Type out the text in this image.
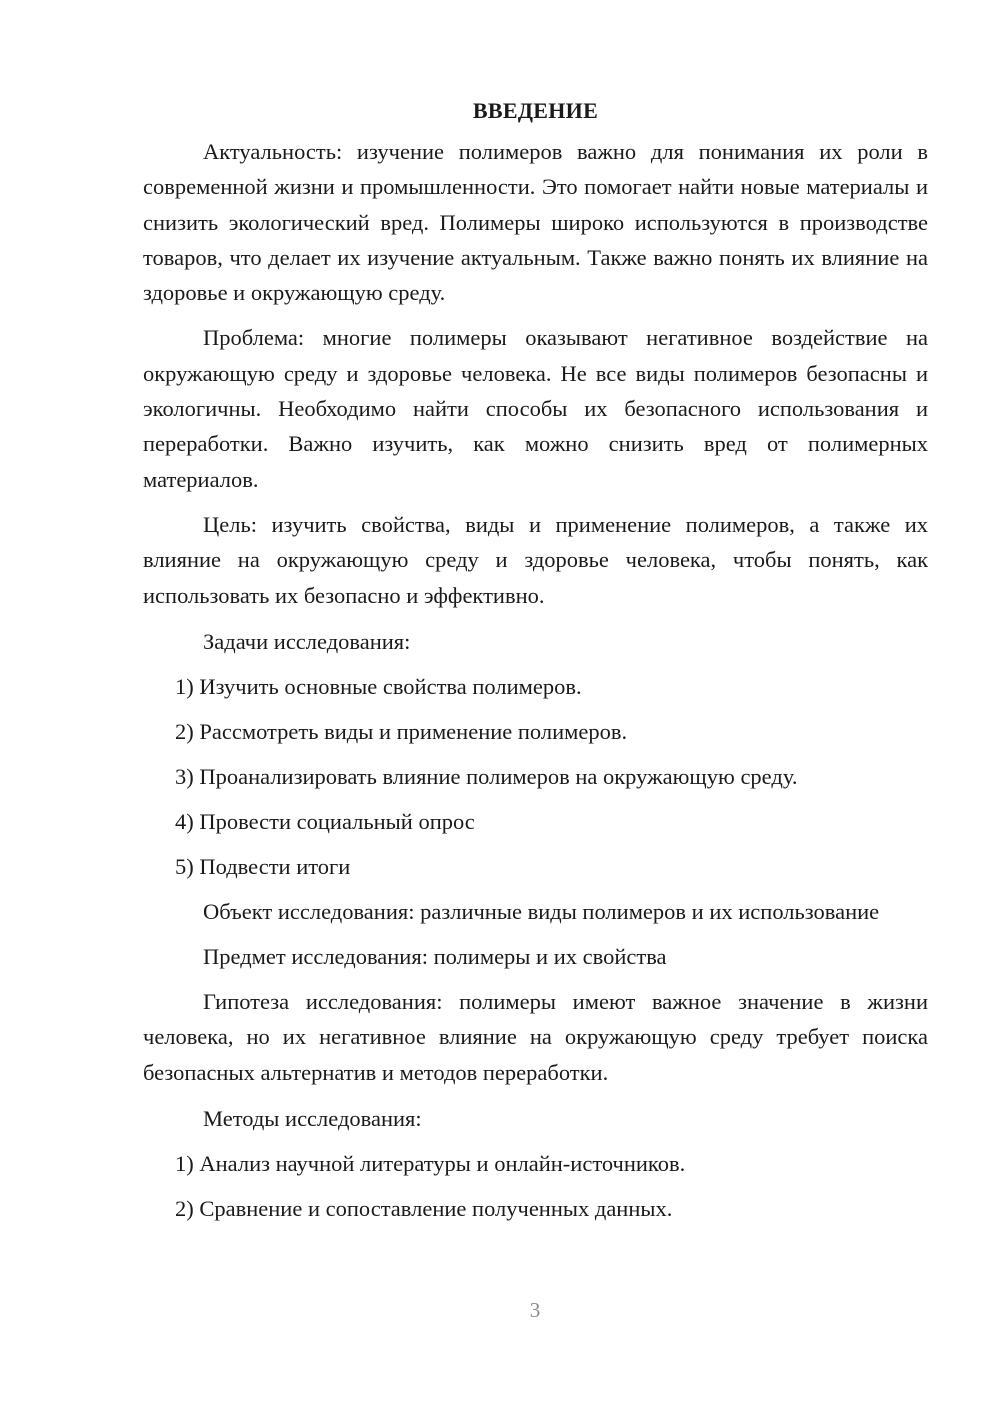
ВВЕДЕНИЕ

Актуальность: изучение полимеров важно для понимания их роли в современной жизни и промышленности. Это помогает найти новые материалы и снизить экологический вред. Полимеры широко используются в производстве товаров, что делает их изучение актуальным. Также важно понять их влияние на здоровье и окружающую среду.

Проблема: многие полимеры оказывают негативное воздействие на окружающую среду и здоровье человека. Не все виды полимеров безопасны и экологичны. Необходимо найти способы их безопасного использования и переработки. Важно изучить, как можно снизить вред от полимерных материалов.

Цель: изучить свойства, виды и применение полимеров, а также их влияние на окружающую среду и здоровье человека, чтобы понять, как использовать их безопасно и эффективно.

Задачи исследования:

1) Изучить основные свойства полимеров.

2) Рассмотреть виды и применение полимеров.

3) Проанализировать влияние полимеров на окружающую среду.

4) Провести социальный опрос

5) Подвести итоги

Объект исследования: различные виды полимеров и их использование

Предмет исследования: полимеры и их свойства

Гипотеза исследования: полимеры имеют важное значение в жизни человека, но их негативное влияние на окружающую среду требует поиска безопасных альтернатив и методов переработки.

Методы исследования:

1) Анализ научной литературы и онлайн-источников.

2) Сравнение и сопоставление полученных данных.

3
